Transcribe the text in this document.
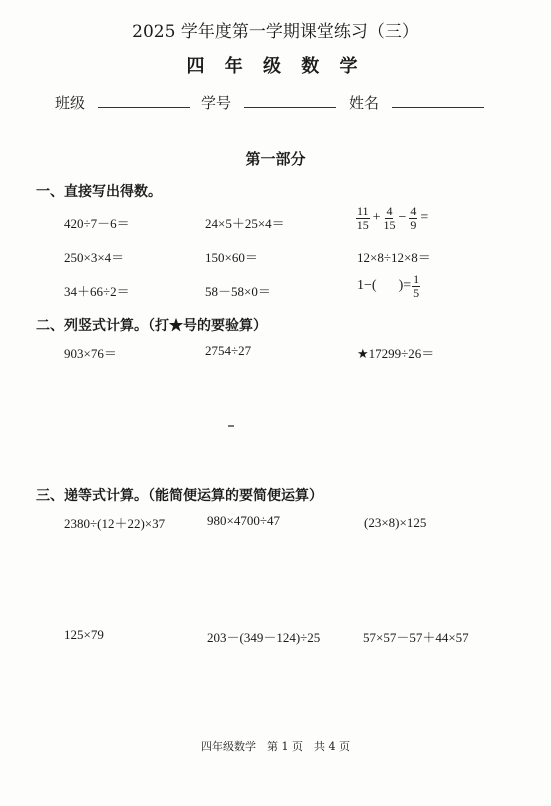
2025 学年度第一学期课堂练习（三）
四 年 级 数 学
班级	学号	姓名
第一部分
一、直接写出得数。
420÷7－6＝	24×5＋25×4＝	$\frac{11}{15} + \frac{4}{15} - \frac{4}{9}$ =
250×3×4＝	150×60＝	12×8÷12×8＝
34＋66÷2＝	58－58×0＝	1−( )= $\frac{1}{5}$
二、列竖式计算。（打★号的要验算）
903×76＝	2754÷27	★17299÷26＝
三、递等式计算。（能简便运算的要简便运算）
2380÷(12＋22)×37	980×4700÷47	(23×8)×125
125×79	203－(349－124)÷25	57×57－57＋44×57
四年级数学　第 1 页　共 4 页
